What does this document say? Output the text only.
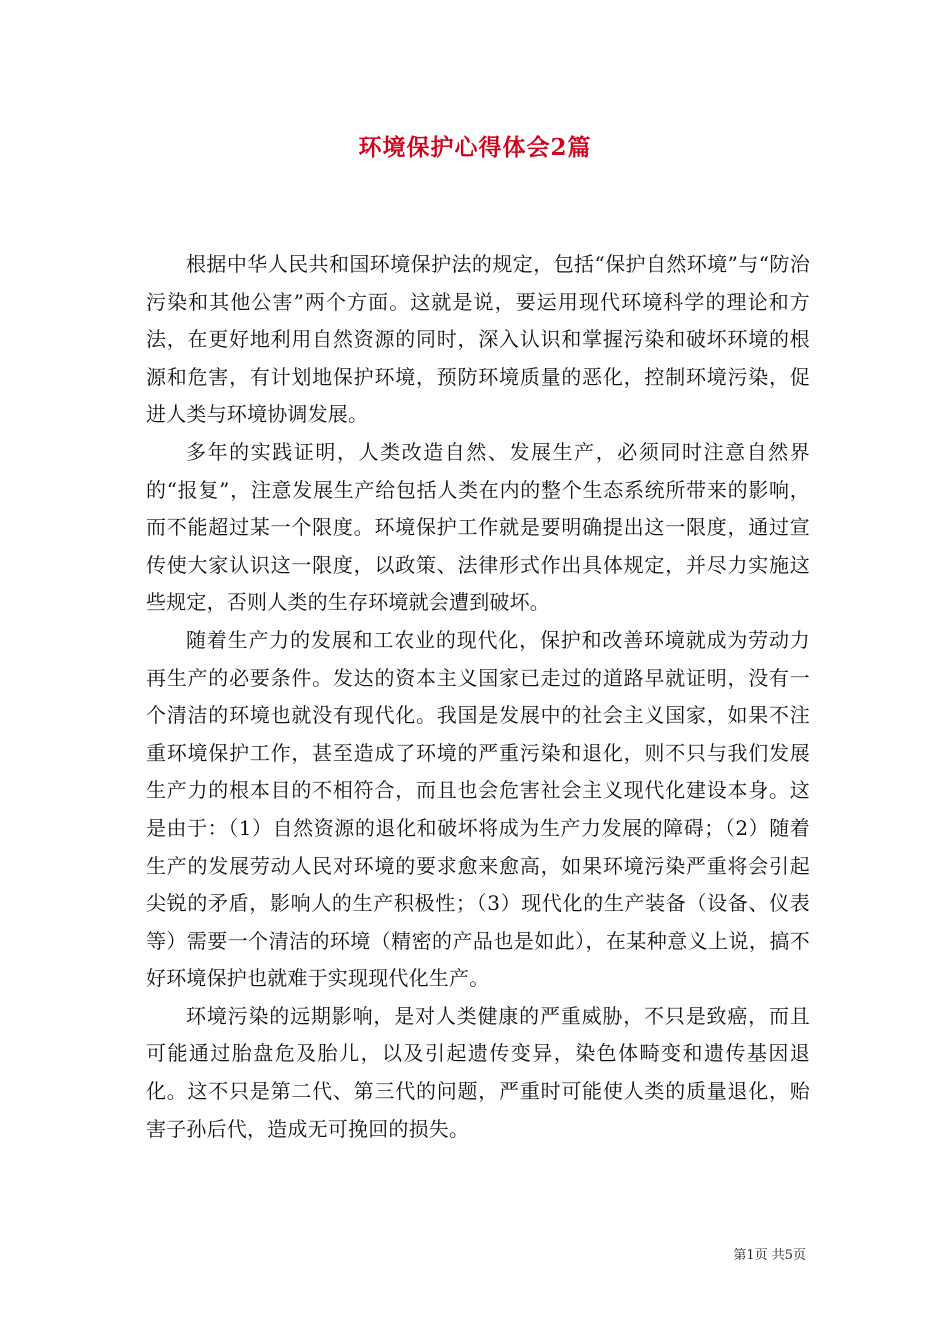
环境保护心得体会2篇

根据中华人民共和国环境保护法的规定，包括“保护自然环境”与“防治污染和其他公害”两个方面。这就是说，要运用现代环境科学的理论和方法，在更好地利用自然资源的同时，深入认识和掌握污染和破坏环境的根源和危害，有计划地保护环境，预防环境质量的恶化，控制环境污染，促进人类与环境协调发展。

多年的实践证明，人类改造自然、发展生产，必须同时注意自然界的“报复”，注意发展生产给包括人类在内的整个生态系统所带来的影响，而不能超过某一个限度。环境保护工作就是要明确提出这一限度，通过宣传使大家认识这一限度，以政策、法律形式作出具体规定，并尽力实施这些规定，否则人类的生存环境就会遭到破坏。

随着生产力的发展和工农业的现代化，保护和改善环境就成为劳动力再生产的必要条件。发达的资本主义国家已走过的道路早就证明，没有一个清洁的环境也就没有现代化。我国是发展中的社会主义国家，如果不注重环境保护工作，甚至造成了环境的严重污染和退化，则不只与我们发展生产力的根本目的不相符合，而且也会危害社会主义现代化建设本身。这是由于：（1）自然资源的退化和破坏将成为生产力发展的障碍；（2）随着生产的发展劳动人民对环境的要求愈来愈高，如果环境污染严重将会引起尖锐的矛盾，影响人的生产积极性；（3）现代化的生产装备（设备、仪表等）需要一个清洁的环境（精密的产品也是如此），在某种意义上说，搞不好环境保护也就难于实现现代化生产。

环境污染的远期影响，是对人类健康的严重威胁，不只是致癌，而且可能通过胎盘危及胎儿，以及引起遗传变异，染色体畸变和遗传基因退化。这不只是第二代、第三代的问题，严重时可能使人类的质量退化，贻害子孙后代，造成无可挽回的损失。

第1页 共5页
